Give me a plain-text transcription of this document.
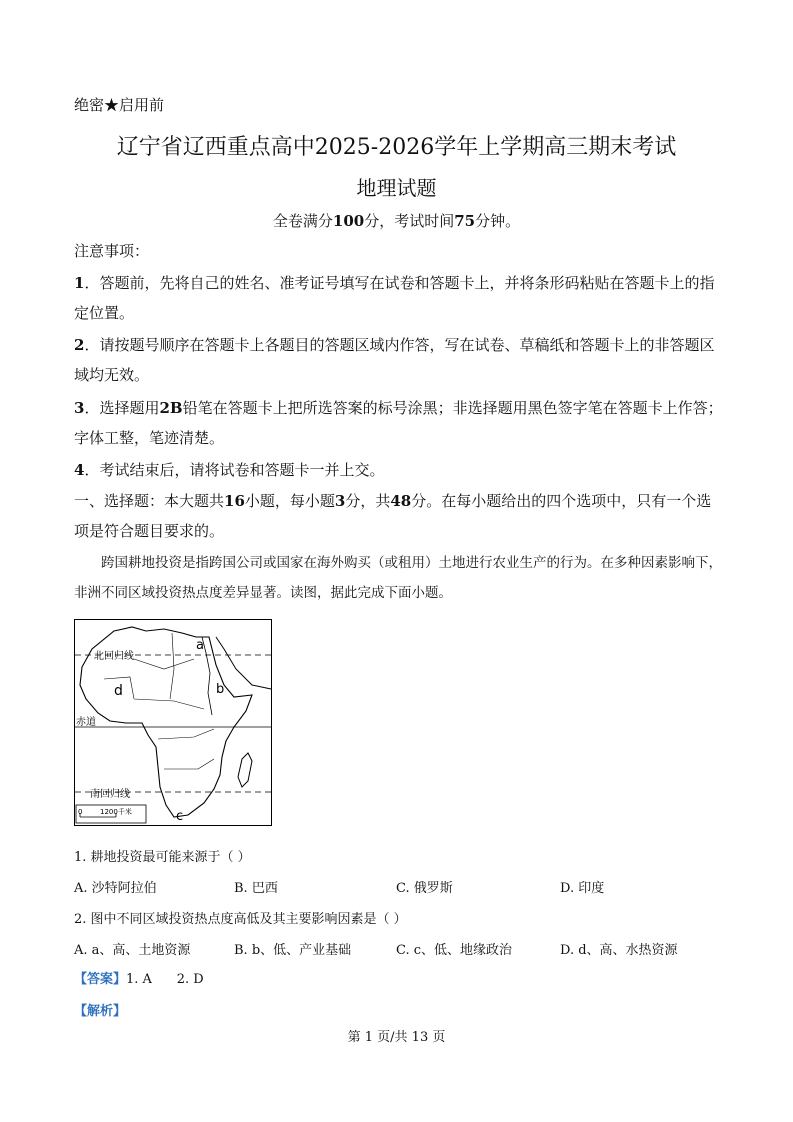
绝密★启用前
辽宁省辽西重点高中2025-2026学年上学期高三期末考试
地理试题
全卷满分100分，考试时间75分钟。
注意事项：
1．答题前，先将自己的姓名、准考证号填写在试卷和答题卡上，并将条形码粘贴在答题卡上的指定位置。
2．请按题号顺序在答题卡上各题目的答题区域内作答，写在试卷、草稿纸和答题卡上的非答题区域均无效。
3．选择题用2B铅笔在答题卡上把所选答案的标号涂黑；非选择题用黑色签字笔在答题卡上作答；字体工整，笔迹清楚。
4．考试结束后，请将试卷和答题卡一并上交。
一、选择题：本大题共16小题，每小题3分，共48分。在每小题给出的四个选项中，只有一个选项是符合题目要求的。
跨国耕地投资是指跨国公司或国家在海外购买（或租用）土地进行农业生产的行为。在多种因素影响下，非洲不同区域投资热点度差异显著。读图，据此完成下面小题。
a
b
c
d
北回归线
赤道
南回归线
0	1200千米
1. 耕地投资最可能来源于（ ）
A. 沙特阿拉伯	B. 巴西	C. 俄罗斯	D. 印度
2. 图中不同区域投资热点度高低及其主要影响因素是（ ）
A. a、高、土地资源	B. b、低、产业基础	C. c、低、地缘政治	D. d、高、水热资源
【答案】1. A      2. D
【解析】
第 1 页/共 13 页
